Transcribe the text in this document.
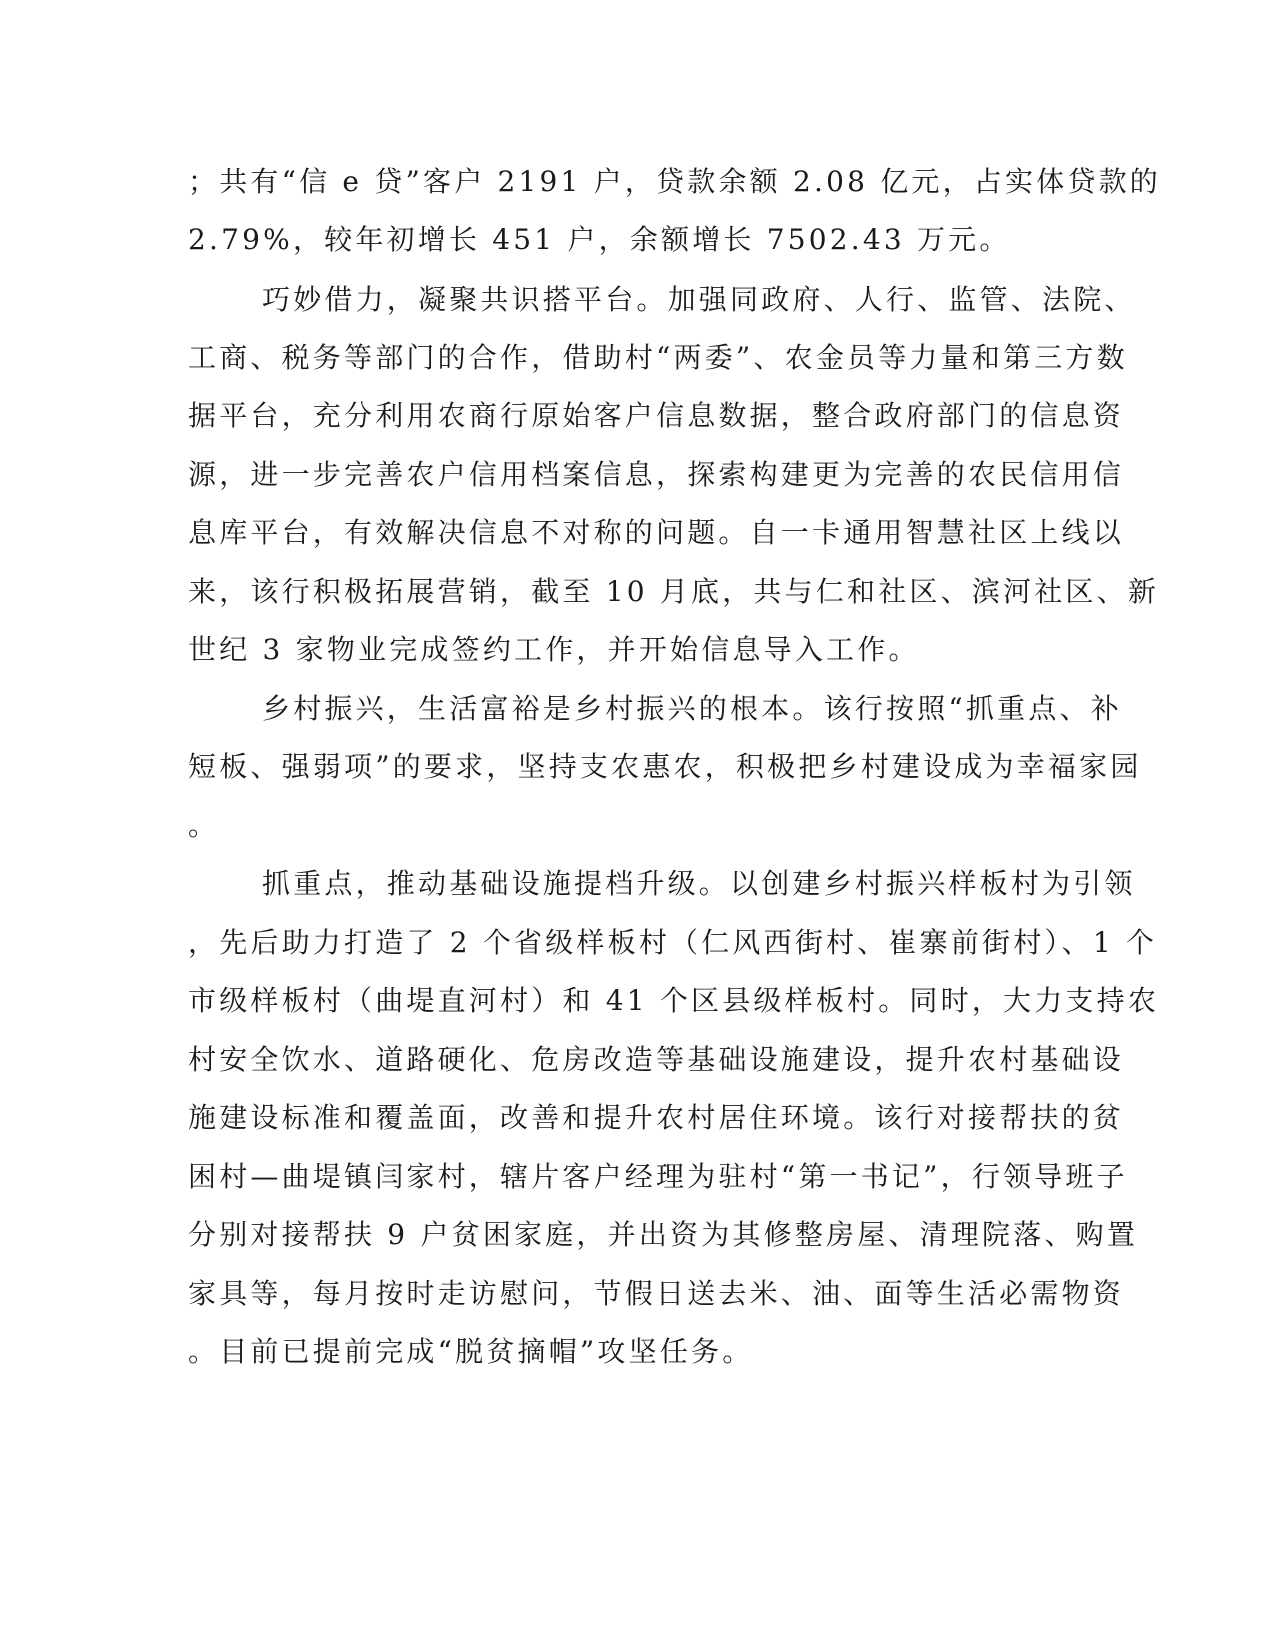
；共有“信 e 贷”客户 2191 户，贷款余额 2.08 亿元，占实体贷款的
2.79%，较年初增长 451 户，余额增长 7502.43 万元。
巧妙借力，凝聚共识搭平台。加强同政府、人行、监管、法院、
工商、税务等部门的合作，借助村“两委”、农金员等力量和第三方数
据平台，充分利用农商行原始客户信息数据，整合政府部门的信息资
源，进一步完善农户信用档案信息，探索构建更为完善的农民信用信
息库平台，有效解决信息不对称的问题。自一卡通用智慧社区上线以
来，该行积极拓展营销，截至 10 月底，共与仁和社区、滨河社区、新
世纪 3 家物业完成签约工作，并开始信息导入工作。
乡村振兴，生活富裕是乡村振兴的根本。该行按照“抓重点、补
短板、强弱项”的要求，坚持支农惠农，积极把乡村建设成为幸福家园
。
抓重点，推动基础设施提档升级。以创建乡村振兴样板村为引领
，先后助力打造了 2 个省级样板村（仁风西街村、崔寨前街村）、1 个
市级样板村（曲堤直河村）和 41 个区县级样板村。同时，大力支持农
村安全饮水、道路硬化、危房改造等基础设施建设，提升农村基础设
施建设标准和覆盖面，改善和提升农村居住环境。该行对接帮扶的贫
困村—曲堤镇闫家村，辖片客户经理为驻村“第一书记”，行领导班子
分别对接帮扶 9 户贫困家庭，并出资为其修整房屋、清理院落、购置
家具等，每月按时走访慰问，节假日送去米、油、面等生活必需物资
。目前已提前完成“脱贫摘帽”攻坚任务。
